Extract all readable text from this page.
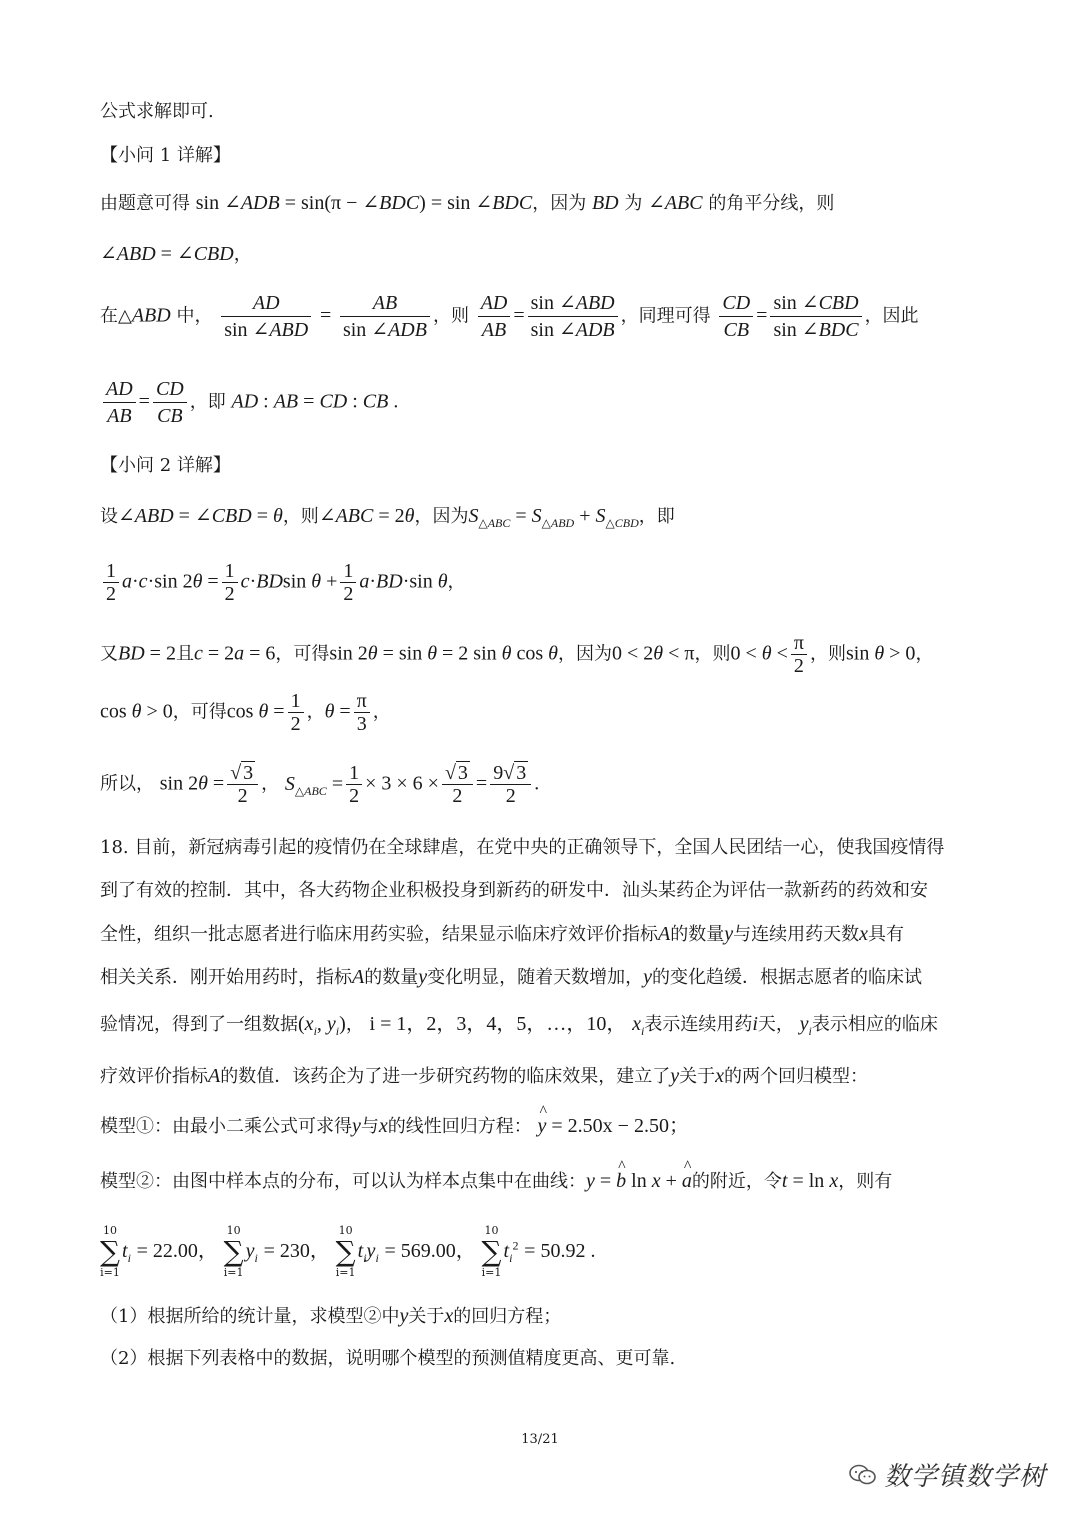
公式求解即可.
【小问 1 详解】
由题意可得 sin ∠ADB = sin(π − ∠BDC) = sin ∠BDC，因为 BD 为 ∠ABC 的角平分线，则
∠ABD = ∠CBD，
在△ABD 中， $\frac{AD}{\text{sin ∠ABD}} = \frac{AB}{\text{sin ∠ADB}}$ ，则 $\frac{AD}{AB} = \frac{\text{sin ∠ABD}}{\text{sin ∠ADB}}$ ，同理可得 $\frac{CD}{CB} = \frac{\text{sin ∠CBD}}{\text{sin ∠BDC}}$ ，因此
$\frac{AD}{AB} = \frac{CD}{CB}$ ，即 AD : AB = CD : CB .
【小问 2 详解】
设∠ABD = ∠CBD = θ，则∠ABC = 2θ，因为$S_{\triangle ABC} = S_{\triangle ABD} + S_{\triangle CBD}$，即
$\frac{1}{2} a\cdot c\cdot\sin$ $2\theta = \frac{1}{2} c\cdot BDsin$ $\theta + \frac{1}{2} a\cdot BD\cdot\sin$ θ，
又BD = 2且c = 2a = 6，可得sin 2θ = sin θ = 2 sin θ cos θ，因为0 < 2θ < π，则$0 < \theta < \frac{\pi}{2}$ ，则sin θ > 0，
cos θ > 0，可得$\cos \theta = \frac{1}{2}$ ，$\theta = \frac{\pi}{3}$ ，
所以， $\sin 2\theta = \frac{√ 3}{2}$ ， $S_{\triangle ABC} = \frac{1}{2} \times 3 \times 6 \times \frac{√ 3}{2} = \frac{9√ 3}{2}$ .
18. 目前，新冠病毒引起的疫情仍在全球肆虐，在党中央的正确领导下，全国人民团结一心，使我国疫情得
到了有效的控制．其中，各大药物企业积极投身到新药的研发中．汕头某药企为评估一款新药的药效和安
全性，组织一批志愿者进行临床用药实验，结果显示临床疗效评价指标A的数量y与连续用药天数x具有
相关关系．刚开始用药时，指标A的数量y变化明显，随着天数增加，y的变化趋缓．根据志愿者的临床试
验情况，得到了一组数据($x_i$, $y_i$)， i = 1，2，3，4，5，…，10， $x_i$表示连续用药i天， $y_i$表示相应的临床
疗效评价指标A的数值．该药企为了进一步研究药物的临床效果，建立了y关于x的两个回归模型：
模型①：由最小二乘公式可求得y与x的线性回归方程： ^ y = 2.50x − 2.50；
模型②：由图中样本点的分布，可以认为样本点集中在曲线：y = ^ b ln x + ^ a的附近，令t = ln x，则有
10
∑
i=1
$t_i = 22.00$，
10
∑
i=1
$y_i = 230$，
10
∑
i=1
$t_iy_i = 569.00$，
10
∑
i=1
$t_i^2 = 50.92$ .
（1）根据所给的统计量，求模型②中y关于x的回归方程；
（2）根据下列表格中的数据，说明哪个模型的预测值精度更高、更可靠.
13/21
数学镇数学树
